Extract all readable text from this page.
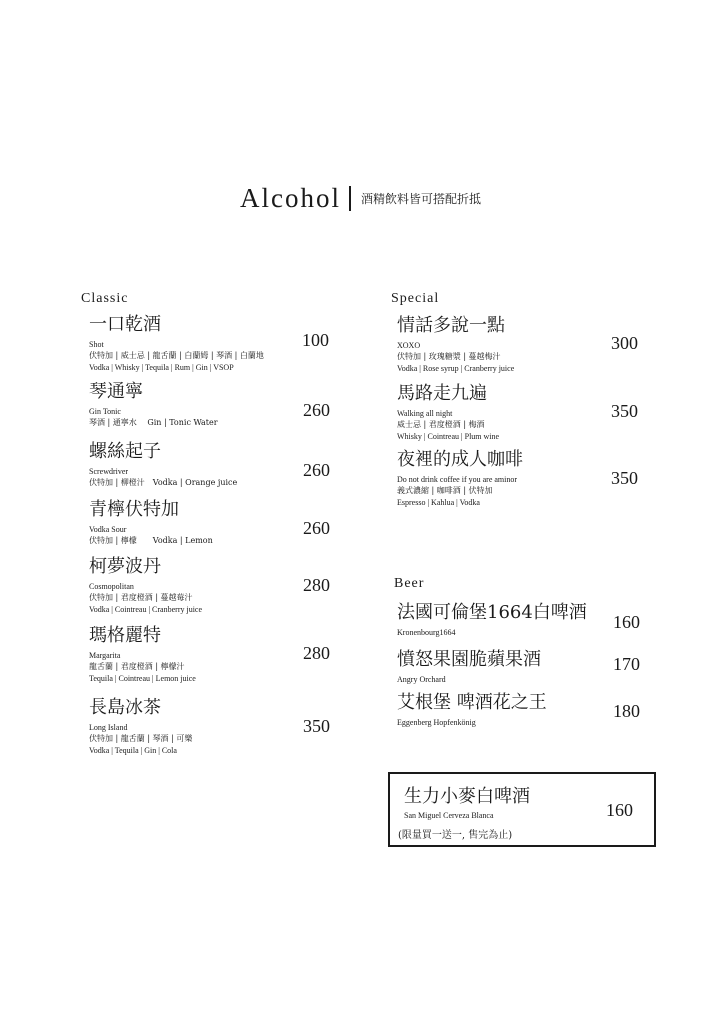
Alcohol 酒精飲料皆可搭配折抵
Classic
一口乾酒
Shot
伏特加 | 威士忌 | 龍舌蘭 | 白蘭姆 | 琴酒 | 白蘭地
Vodka | Whisky | Tequila | Rum | Gin | VSOP
100
琴通寧
Gin Tonic
琴酒 | 通寧水　 Gin | Tonic Water
260
螺絲起子
Screwdriver
伏特加 | 柳橙汁　Vodka | Orange juice
260
青檸伏特加
Vodka Sour
伏特加 | 檸檬　　Vodka | Lemon
260
柯夢波丹
Cosmopolitan
伏特加 | 君度橙酒 | 蔓越莓汁
Vodka | Cointreau | Cranberry juice
280
瑪格麗特
Margarita
龍舌蘭 | 君度橙酒 | 檸檬汁
Tequila | Cointreau | Lemon juice
280
長島冰茶
Long Island
伏特加 | 龍舌蘭 | 琴酒 | 可樂
Vodka | Tequila | Gin | Cola
350
Special
情話多說一點
XOXO
伏特加 | 玫瑰糖漿 | 蔓越梅汁
Vodka | Rose syrup | Cranberry juice
300
馬路走九遍
Walking all night
威士忌 | 君度橙酒 | 梅酒
Whisky | Cointreau | Plum wine
350
夜裡的成人咖啡
Do not drink coffee if you are aminor
義式濃縮 | 咖啡酒 | 伏特加
Espresso | Kahlua | Vodka
350
Beer
法國可倫堡1664白啤酒
Kronenbourg1664
160
憤怒果園脆蘋果酒
Angry Orchard
170
艾根堡 啤酒花之王
Eggenberg Hopfenkönig
180
生力小麥白啤酒
San Miguel Cerveza Blanca
(限量買一送一, 售完為止)
160
